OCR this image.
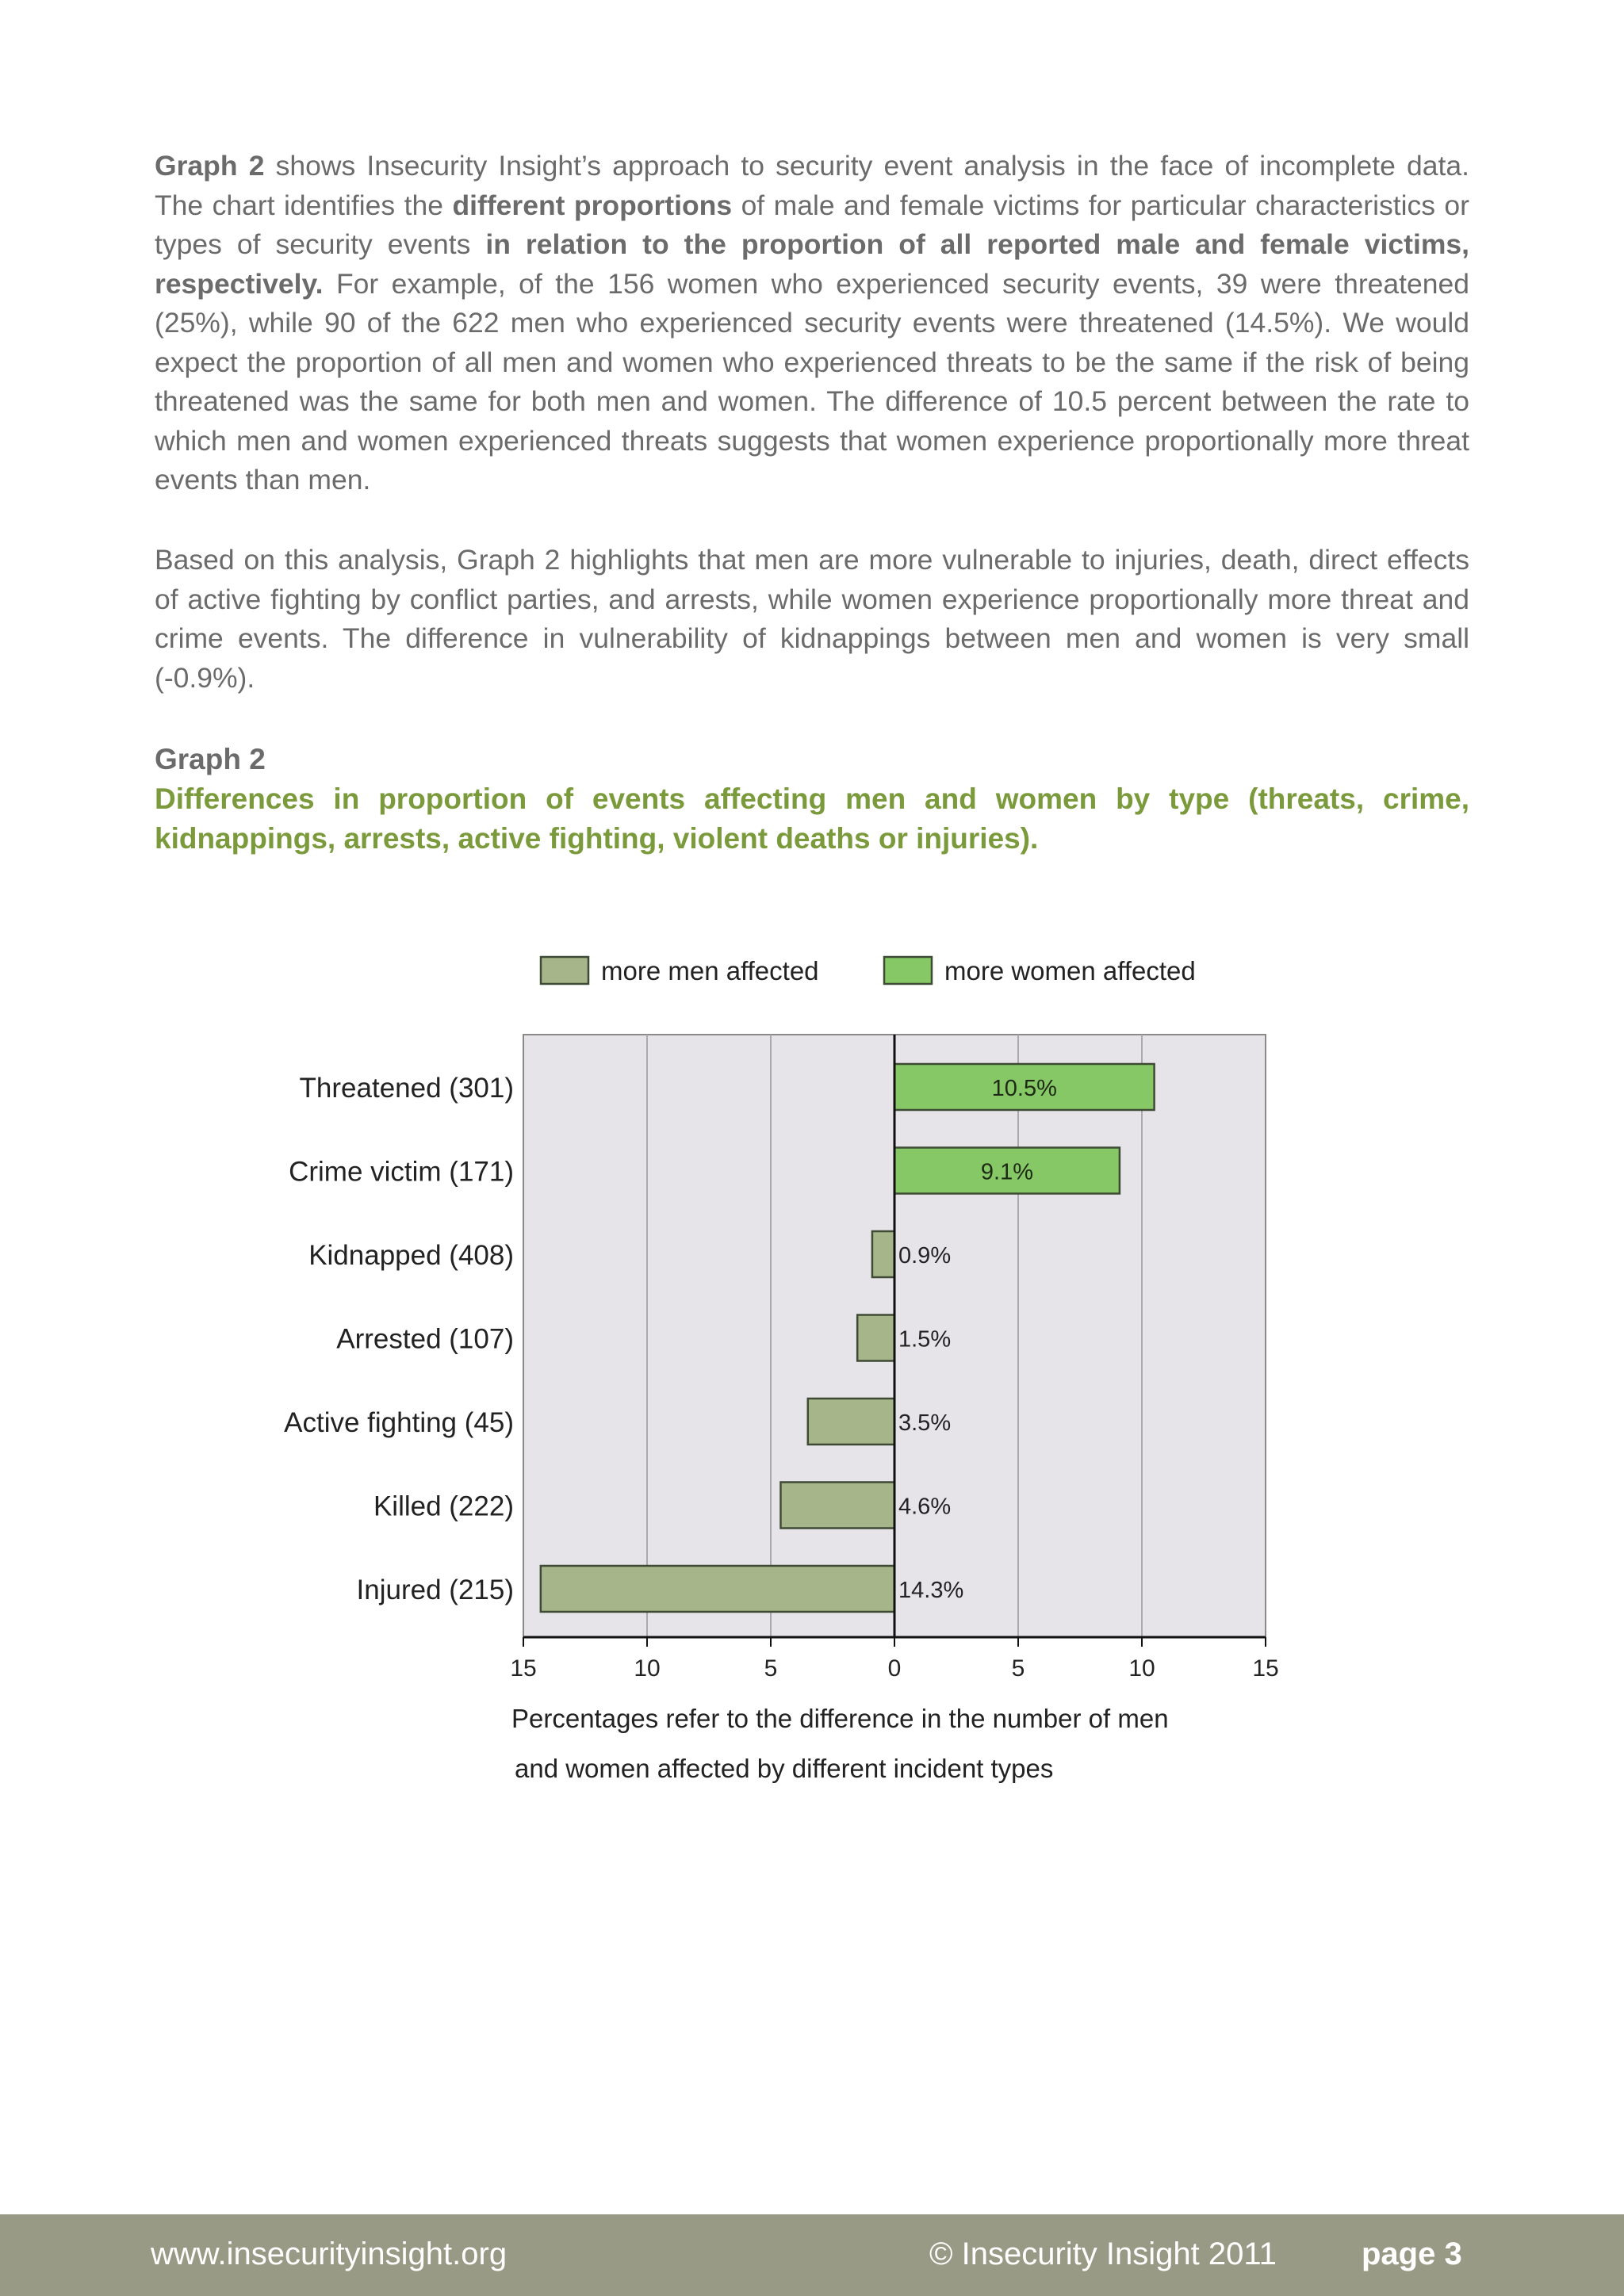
Graph 2 shows Insecurity Insight’s approach to security event analysis in the face of incomplete data. The chart identifies the different proportions of male and female victims for particular characteristics or types of security events in relation to the proportion of all reported male and female victims, respectively. For example, of the 156 women who experienced security events, 39 were threatened (25%), while 90 of the 622 men who experienced security events were threatened (14.5%). We would expect the proportion of all men and women who experienced threats to be the same if the risk of being threatened was the same for both men and women. The difference of 10.5 percent between the rate to which men and women experienced threats suggests that women experience proportionally more threat events than men.

Based on this analysis, Graph 2 highlights that men are more vulnerable to injuries, death, direct effects of active fighting by conflict parties, and arrests, while women experience proportionally more threat and crime events. The difference in vulnerability of kidnappings between men and women is very small (-0.9%).

Graph 2

Differences in proportion of events affecting men and women by type (threats, crime, kidnappings, arrests, active fighting, violent deaths or injuries).

Threatened (301)	10.5%
Crime victim (171)	9.1%
Kidnapped (408)	0.9%
Arrested (107)	1.5%
Active fighting (45)	3.5%
Killed (222)	4.6%
Injured (215)	14.3%
15	10	5	0	5	10	15
more men affected	more women affected
Percentages refer to the difference in the number of men
and women affected by different incident types
www.insecurityinsight.org	© Insecurity Insight 2011	page 3
